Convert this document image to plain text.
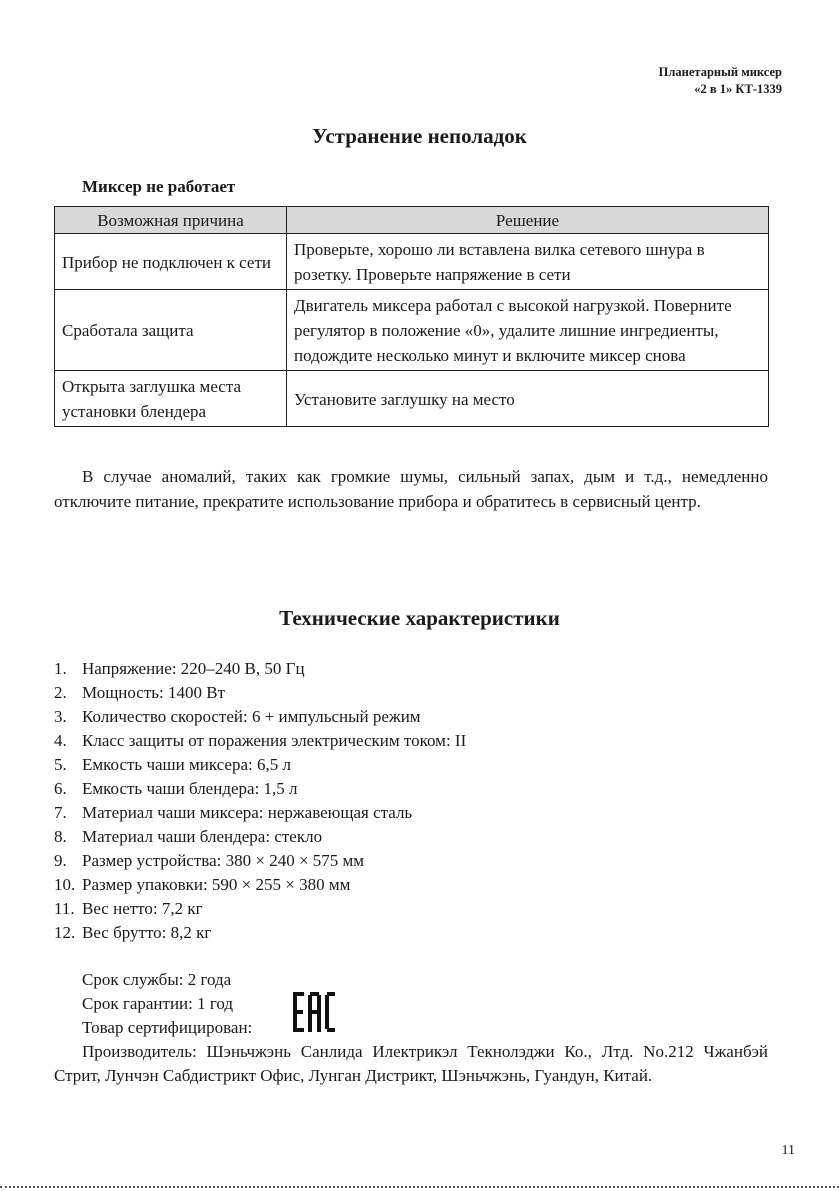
Планетарный миксер
«2 в 1» КТ-1339
Устранение неполадок
Миксер не работает
Возможная причина	Решение
Прибор не подключен к сети	Проверьте, хорошо ли вставлена вилка сетевого шнура в розетку. Проверьте напряжение в сети
Сработала защита	Двигатель миксера работал с высокой нагрузкой. Поверните регулятор в положение «0», удалите лишние ингредиенты, подождите несколько минут и включите миксер снова
Открыта заглушка места установки блендера	Установите заглушку на место
В случае аномалий, таких как громкие шумы, сильный запах, дым и т.д., немедленно отключите питание, прекратите использование прибора и обратитесь в сервисный центр.
Технические характеристики
1. Напряжение: 220–240 В, 50 Гц
2. Мощность: 1400 Вт
3. Количество скоростей: 6 + импульсный режим
4. Класс защиты от поражения электрическим током: II
5. Емкость чаши миксера: 6,5 л
6. Емкость чаши блендера: 1,5 л
7. Материал чаши миксера: нержавеющая сталь
8. Материал чаши блендера: стекло
9. Размер устройства: 380 × 240 × 575 мм
10. Размер упаковки: 590 × 255 × 380 мм
11. Вес нетто: 7,2 кг
12. Вес брутто: 8,2 кг
Срок службы: 2 года
Срок гарантии: 1 год
Товар сертифицирован:
Производитель: Шэньчжэнь Санлида Илектрикэл Текнолэджи Ко., Лтд. No.212 Чжанбэй Стрит, Лунчэн Сабдистрикт Офис, Лунган Дистрикт, Шэньчжэнь, Гуандун, Китай.
11
